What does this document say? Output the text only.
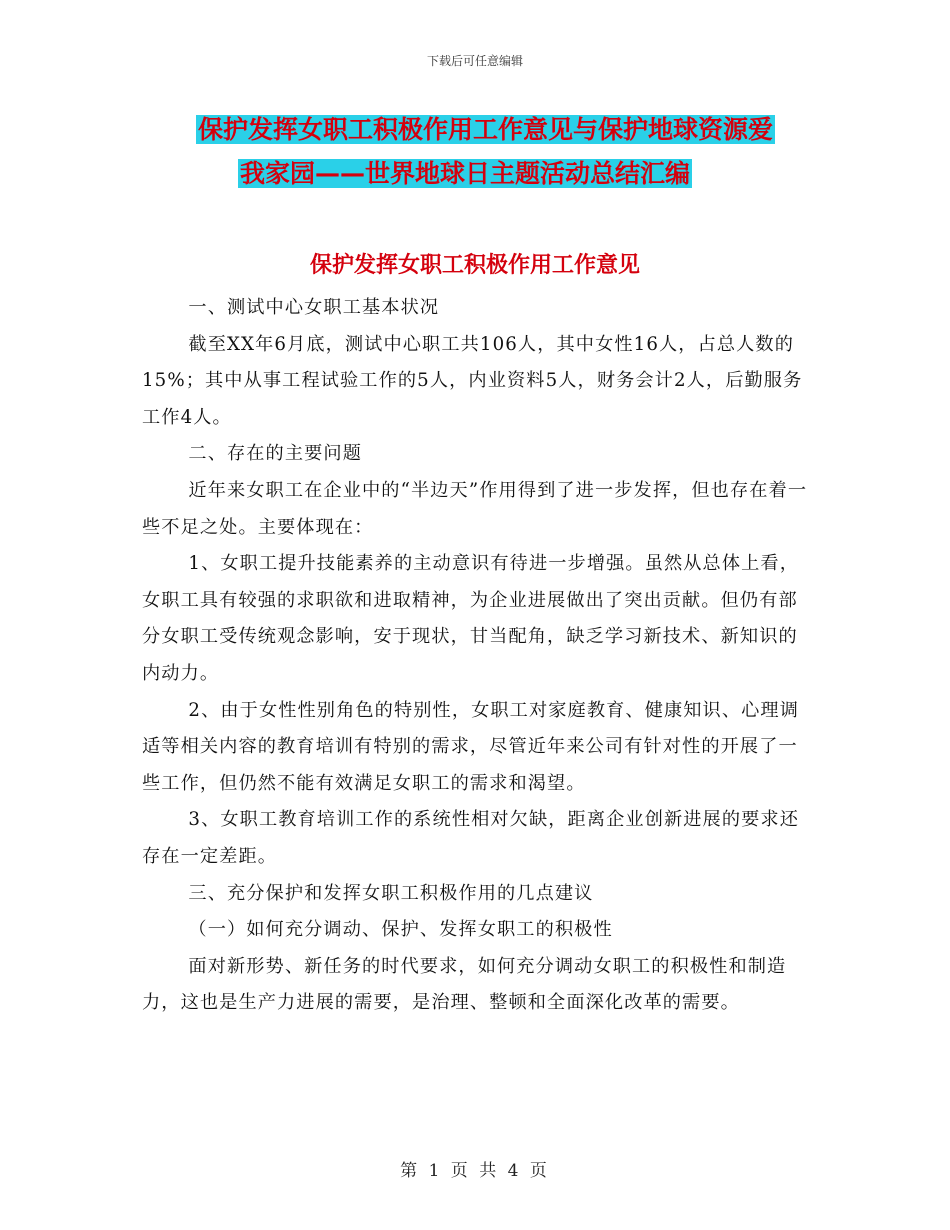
下载后可任意编辑
保护发挥女职工积极作用工作意见与保护地球资源爱
我家园——世界地球日主题活动总结汇编
保护发挥女职工积极作用工作意见

一、测试中心女职工基本状况

截至XX年6月底，测试中心职工共106人，其中女性16人，占总人数的15%；其中从事工程试验工作的5人，内业资料5人，财务会计2人，后勤服务工作4人。

二、存在的主要问题

近年来女职工在企业中的“半边天”作用得到了进一步发挥，但也存在着一些不足之处。主要体现在：

1、女职工提升技能素养的主动意识有待进一步增强。虽然从总体上看，女职工具有较强的求职欲和进取精神，为企业进展做出了突出贡献。但仍有部分女职工受传统观念影响，安于现状，甘当配角，缺乏学习新技术、新知识的内动力。

2、由于女性性别角色的特别性，女职工对家庭教育、健康知识、心理调适等相关内容的教育培训有特别的需求，尽管近年来公司有针对性的开展了一些工作，但仍然不能有效满足女职工的需求和渴望。

3、女职工教育培训工作的系统性相对欠缺，距离企业创新进展的要求还存在一定差距。

三、充分保护和发挥女职工积极作用的几点建议

（一）如何充分调动、保护、发挥女职工的积极性

面对新形势、新任务的时代要求，如何充分调动女职工的积极性和制造力，这也是生产力进展的需要，是治理、整顿和全面深化改革的需要。

第 1 页 共 4 页
